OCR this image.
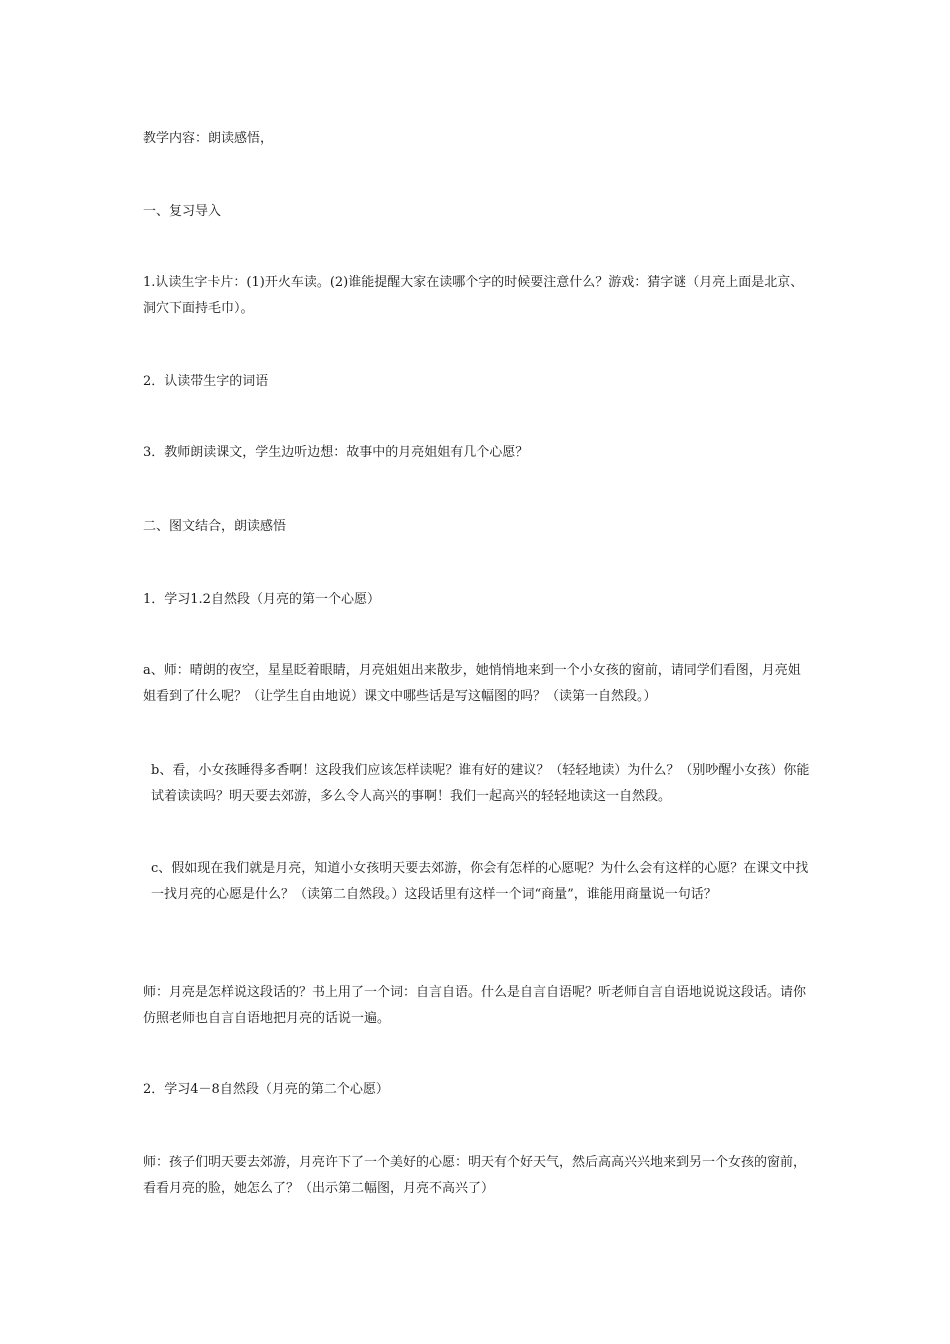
教学内容：朗读感悟，

一、复习导入

1.认读生字卡片：(1)开火车读。(2)谁能提醒大家在读哪个字的时候要注意什么？游戏：猜字谜（月亮上面是北京、洞穴下面持毛巾）。

2．认读带生字的词语

3．教师朗读课文，学生边听边想：故事中的月亮姐姐有几个心愿？

二、图文结合，朗读感悟

1．学习1.2自然段（月亮的第一个心愿）

a、师：晴朗的夜空，星星眨着眼睛，月亮姐姐出来散步，她悄悄地来到一个小女孩的窗前，请同学们看图，月亮姐姐看到了什么呢？（让学生自由地说）课文中哪些话是写这幅图的吗？（读第一自然段。）

b、看，小女孩睡得多香啊！这段我们应该怎样读呢？谁有好的建议？（轻轻地读）为什么？（别吵醒小女孩）你能试着读读吗？明天要去郊游，多么令人高兴的事啊！我们一起高兴的轻轻地读这一自然段。

c、假如现在我们就是月亮，知道小女孩明天要去郊游，你会有怎样的心愿呢？为什么会有这样的心愿？在课文中找一找月亮的心愿是什么？（读第二自然段。）这段话里有这样一个词“商量”，谁能用商量说一句话？

师：月亮是怎样说这段话的？书上用了一个词：自言自语。什么是自言自语呢？听老师自言自语地说说这段话。请你仿照老师也自言自语地把月亮的话说一遍。

2．学习4－8自然段（月亮的第二个心愿）

师：孩子们明天要去郊游，月亮许下了一个美好的心愿：明天有个好天气，然后高高兴兴地来到另一个女孩的窗前，看看月亮的脸，她怎么了？（出示第二幅图，月亮不高兴了）
